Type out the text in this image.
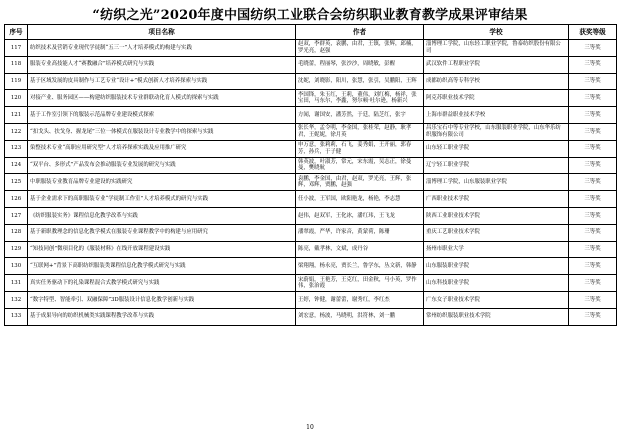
“纺织之光”2020年度中国纺织工业联合会纺织职业教育教学成果评审结果
序号	项目名称	作者	学校	获奖等级
117	纺织技术及营销专业现代学徒制“五三一”人才培养模式的构建与实践	赵双，李群英，袁鹏，由君，王镇，张辉，邱楠，罗光亮，赵强	淄博理工学院，山东轻工职业学院，鲁泰纺织股份有限公司	三等奖
118	服装专业高技能人才“赛教融合”培养模式研究与实践	毛晓蕾，程丽琴，张沙沙，周晓敏，彭醒	武汉软件工程职业学院	三等奖
119	基于区域发展的皮具制作与工艺专业“设计+”模式创新人才培养探索与实践	沈妮，刘晓影，阳川，张慧，张引，吴鹏阳，王辉	成都纺织高等专科学校	三等奖
120	对接产业、服务园区——构建纺织服装技术专业群联动化育人模式的探索与实践	李国锋，朱玉红，王莉，董伟，刘红梅，杨祥，张宝田，马东尔，李鑫，努尔顿·吐尔逊，杨新兴	阿克苏职业技术学院	三等奖
121	基于工作室引领下的服装示范品牌专业建设模式探索	方闻，谢国安，潘芳然，于廷，陆芝红，张宇	上海市群益职业技术学校	三等奖
122	“扣戈头、扶戈身、握龙尾”三位一体模式在服装设计专业教学中的探索与实践	张长华，孟令明，李金国，张桂荣，赵静，耿孝君，王妮妮，徐月英	昌乐宝石中等专业学校，山东服装职业学院，山东华乐纺织服饰有限公司	三等奖
123	染整技术专业“高职应用研究型”人才培养探索实践及应用推广研究	申万意，张莉莉，石飞，姜秀娟，王开丽，郭春芳，孙兵，于子健	山东轻工职业学院	三等奖
124	“双平台、多形式”产品发布会推动服装专业发展的研究与实践	韩英波，叶淑芳，常元，宋东霞，吴志正，徐曼曼，樊晓航	辽宁轻工职业学院	三等奖
125	中职服装专业教育品牌专业建设的实践研究	袁鹏，李金国，由君，赵双，罗光亮，王辉，张辉，邓辉，贾鹏，赵强	淄博理工学院，山东服装职业学院	三等奖
126	基于企业需求下的高职服装专业“学徒制工作室”人才培养模式的研究与实践	任小波，王军国，欧阳艳龙，杨艳，李志慧	广西职业技术学院	三等奖
127	《纺织服装实务》课程信息化教学改革与实践	赵伟，赵双军，王化冰，潘红玮，王飞龙	陕西工业职业技术学院	三等奖
128	基于新职教理念的信息化教学模式在服装专业课程教学中的构建与应用研究	潘翠霞，严华，许家音，黄蒙荷，陈珊	重庆工艺职业技术学院	三等奖
129	“知技同创”微项目化的《服装材料》在线开放课程建设实践	陈亮，戴孝林，文斌，成丹谷	扬州市职业大学	三等奖
130	“互联网+”背景下高职纺织服装类课程信息化教学模式研究与实践	梁翔翔，杨永亮，贾长兰，鲁学东，丛文新，韩静	山东服装职业学院	三等奖
131	真实任务驱动下的礼染课程混合式教学模式研究与实践	宋蔚娟，王艳芳，王克红，田金秋，马小英，罗作伟，张治霞	山东科技职业学院	三等奖
132	“数字特型、智能牵引、双融保障”3D服装设计信息化教学创新与实践	王婷，钟健，谢蕾蕾，谢秀红，李红杰	广东女子职业技术学院	三等奖
133	基于成果导向的纺织机械类实践课程教学改革与实践	刘宏意，杨波，马晓明，洪符林，刘一鹏	常州纺织服装职业技术学院	三等奖
10
